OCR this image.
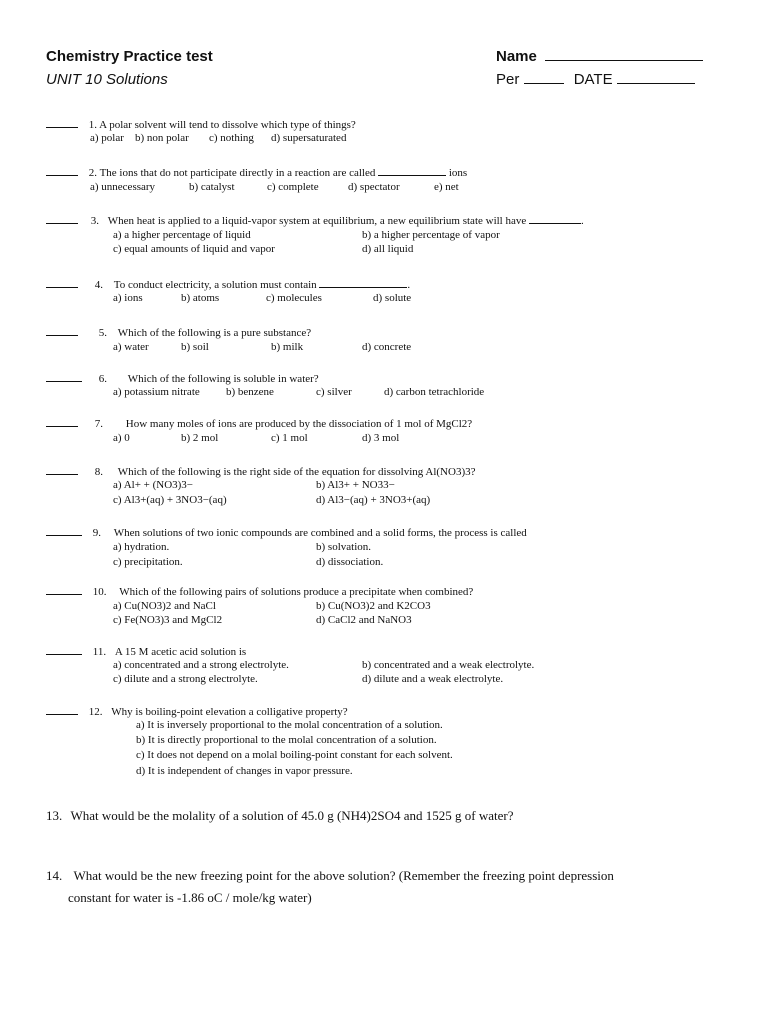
Chemistry Practice test
UNIT 10 Solutions
Name
Per	DATE
1. A polar solvent will tend to dissolve which type of things?
a) polar b) non polar c) nothing d) supersaturated
2. The ions that do not participate directly in a reaction are called	ions
a) unnecessary	b) catalyst	c) complete	d) spectator	e) net
3. When heat is applied to a liquid-vapor system at equilibrium, a new equilibrium state will have	.
a) a higher percentage of liquid	b) a higher percentage of vapor
c) equal amounts of liquid and vapor	d) all liquid
4. To conduct electricity, a solution must contain	.
a) ions	b) atoms	c) molecules	d) solute
5. Which of the following is a pure substance?
a) water	b) soil	b) milk	d) concrete
6. Which of the following is soluble in water?
a) potassium nitrate b) benzene	c) silver	d) carbon tetrachloride
7. How many moles of ions are produced by the dissociation of 1 mol of MgCl2?
a) 0	b) 2 mol	c) 1 mol	d) 3 mol
8. Which of the following is the right side of the equation for dissolving Al(NO3)3?
a) Al+ + (NO3)3−	b) Al3+ + NO33−
c) Al3+(aq) + 3NO3−(aq)	d) Al3−(aq) + 3NO3+(aq)
9. When solutions of two ionic compounds are combined and a solid forms, the process is called
a) hydration.	b) solvation.
c) precipitation.	d) dissociation.
10. Which of the following pairs of solutions produce a precipitate when combined?
a) Cu(NO3)2 and NaCl	b) Cu(NO3)2 and K2CO3
c) Fe(NO3)3 and MgCl2	d) CaCl2 and NaNO3
11. A 15 M acetic acid solution is
a) concentrated and a strong electrolyte.	b) concentrated and a weak electrolyte.
c) dilute and a strong electrolyte.	d) dilute and a weak electrolyte.
12. Why is boiling-point elevation a colligative property?
a) It is inversely proportional to the molal concentration of a solution.
b) It is directly proportional to the molal concentration of a solution.
c) It does not depend on a molal boiling-point constant for each solvent.
d) It is independent of changes in vapor pressure.
13. What would be the molality of a solution of 45.0 g (NH4)2SO4 and 1525 g of water?
14. What would be the new freezing point for the above solution? (Remember the freezing point depression
constant for water is -1.86 oC / mole/kg water)
